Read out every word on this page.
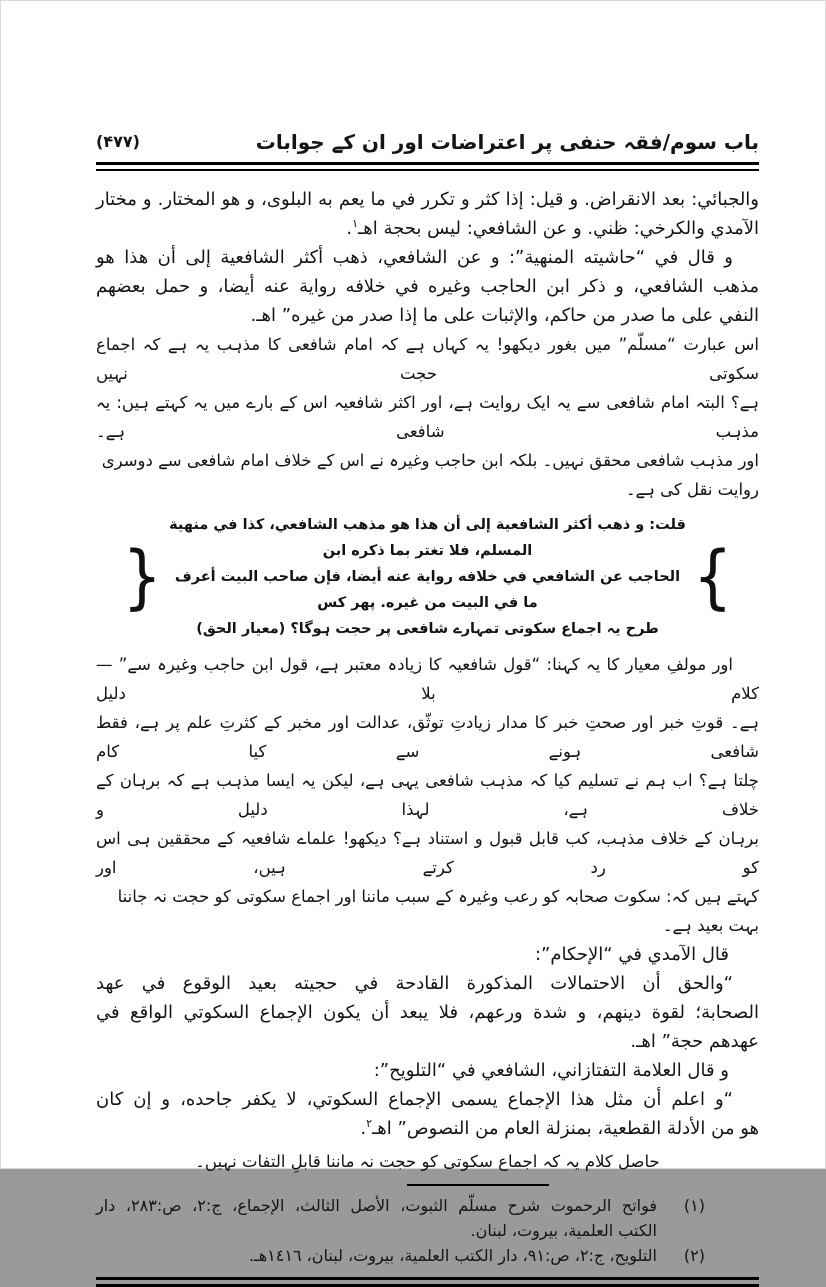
باب سوم/فقہ حنفی پر اعتراضات اور ان کے جوابات
(۴۷۷)
والجبائي: بعد الانقراض. و قيل: إذا كثر و تكرر في ما يعم به البلوى، و هو المختار. و مختار
الآمدي والكرخي: ظني. و عن الشافعي: ليس بحجة اهـ$^١$.
و قال في “حاشيته المنهية”: و عن الشافعي، ذهب أكثر الشافعية إلى أن هذا هو
مذهب الشافعي، و ذكر ابن الحاجب وغيره في خلافه رواية عنه أيضا، و حمل بعضهم
النفي على ما صدر من حاكم، والإثبات على ما إذا صدر من غيره” اهـ.
اس عبارت “مسلّم” میں بغور دیکھو! یہ کہاں ہے کہ امام شافعی کا مذہب یہ ہے کہ اجماع سکوتی حجت نہیں
ہے؟ البتہ امام شافعی سے یہ ایک روایت ہے، اور اکثر شافعیہ اس کے بارے میں یہ کہتے ہیں: یہ مذہب شافعی ہے۔
اور مذہب شافعی محقق نہیں۔ بلکہ ابن حاجب وغیرہ نے اس کے خلاف امام شافعی سے دوسری روایت نقل کی ہے۔
}
قلت: و ذهب أكثر الشافعية إلى أن هذا هو مذهب الشافعي، كذا في منهية المسلم، فلا تغتر بما ذكره ابن
الحاجب عن الشافعي في خلافه رواية عنه أيضا، فإن صاحب البيت أعرف ما في البيت من غيره. پھر کس
طرح یہ اجماع سکوتی تمہارے شافعی پر حجت ہوگا؟ (معیار الحق)
{
اور مولفِ معیار کا یہ کہنا: “قول شافعیہ کا زیادہ معتبر ہے، قول ابن حاجب وغیرہ سے” — کلام بلا دلیل
ہے۔ قوتِ خبر اور صحتِ خبر کا مدار زیادتِ توثّق، عدالت اور مخبر کے کثرتِ علم پر ہے، فقط شافعی ہونے سے کیا کام
چلتا ہے؟ اب ہم نے تسلیم کیا کہ مذہب شافعی یہی ہے، لیکن یہ ایسا مذہب ہے کہ برہان کے خلاف ہے، لہذا دلیل و
برہان کے خلاف مذہب، کب قابل قبول و استناد ہے؟ دیکھو! علماے شافعیہ کے محققین ہی اس کو رد کرتے ہیں، اور
کہتے ہیں کہ: سکوت صحابہ کو رعب وغیرہ کے سبب ماننا اور اجماع سکوتی کو حجت نہ جاننا بہت بعید ہے۔
قال الآمدي في “الإحكام”:
“والحق أن الاحتمالات المذكورة القادحة في حجيته بعيد الوقوع في عهد
الصحابة؛ لقوة دينهم، و شدة ورعهم، فلا يبعد أن يكون الإجماع السكوتي الواقع في
عهدهم حجة” اهـ.
و قال العلامة التفتازاني، الشافعي في “التلويح”:
“و اعلم أن مثل هذا الإجماع يسمى الإجماع السكوتي، لا يكفر جاحده، و إن كان
هو من الأدلة القطعية، بمنزلة العام من النصوص” اهـ$^٢$.
حاصل کلام یہ کہ اجماع سکوتی کو حجت نہ ماننا قابلِ التفات نہیں۔
(١)
فواتح الرحموت شرح مسلّم الثبوت، الأصل الثالث، الإجماع، ج:٢، ص:٢٨٣، دار
الكتب العلمية، بيروت، لبنان.
(٢)
التلويح، ج:٢، ص:٩١، دار الكتب العلمية، بيروت، لبنان، ١٤١٦هـ.
